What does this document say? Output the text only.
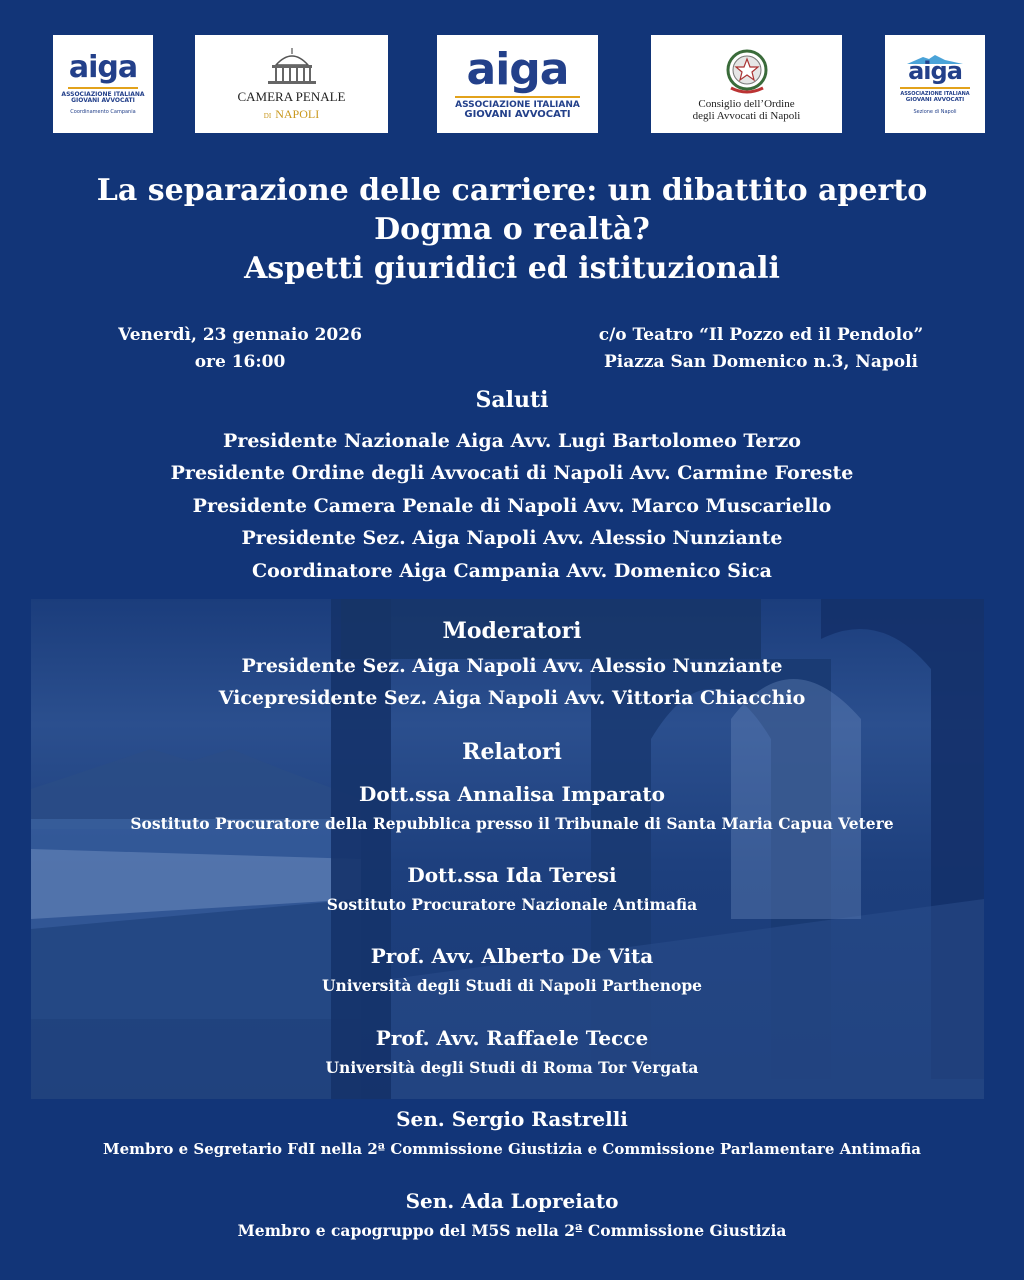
aiga
ASSOCIAZIONE ITALIANA
GIOVANI AVVOCATI
Coordinamento Campania
CAMERA PENALE
DI NAPOLI
aiga
ASSOCIAZIONE ITALIANA
GIOVANI AVVOCATI
Consiglio dell’Ordine
degli Avvocati di Napoli
aiga
ASSOCIAZIONE ITALIANA
GIOVANI AVVOCATI
Sezione di Napoli
La separazione delle carriere: un dibattito aperto
Dogma o realtà?
Aspetti giuridici ed istituzionali
Venerdì, 23 gennaio 2026
ore 16:00
c/o Teatro “Il Pozzo ed il Pendolo”
Piazza San Domenico n.3, Napoli
Saluti
Presidente Nazionale Aiga Avv. Lugi Bartolomeo Terzo
Presidente Ordine degli Avvocati di Napoli Avv. Carmine Foreste
Presidente Camera Penale di Napoli Avv. Marco Muscariello
Presidente Sez. Aiga Napoli Avv. Alessio Nunziante
Coordinatore Aiga Campania Avv. Domenico Sica
Moderatori
Presidente Sez. Aiga Napoli Avv. Alessio Nunziante
Vicepresidente Sez. Aiga Napoli Avv. Vittoria Chiacchio
Relatori
Dott.ssa Annalisa Imparato
Sostituto Procuratore della Repubblica presso il Tribunale di Santa Maria Capua Vetere
Dott.ssa Ida Teresi
Sostituto Procuratore Nazionale Antimafia
Prof. Avv. Alberto De Vita
Università degli Studi di Napoli Parthenope
Prof. Avv. Raffaele Tecce
Università degli Studi di Roma Tor Vergata
Sen. Sergio Rastrelli
Membro e Segretario FdI nella 2ª Commissione Giustizia e Commissione Parlamentare Antimafia
Sen. Ada Lopreiato
Membro e capogruppo del M5S nella 2ª Commissione Giustizia
